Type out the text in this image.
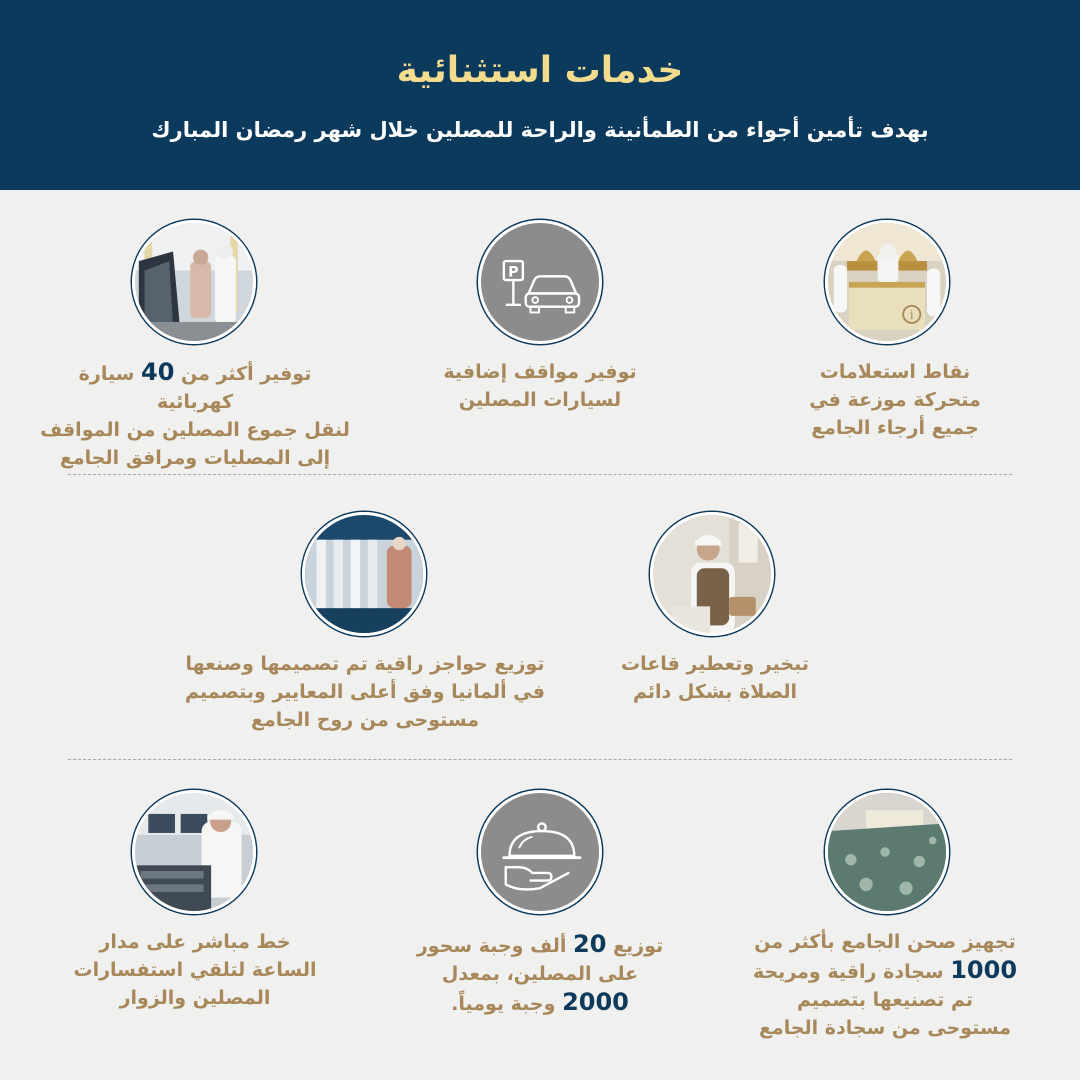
خدمات استثنائية
بهدف تأمين أجواء من الطمأنينة والراحة للمصلين خلال شهر رمضان المبارك
i
P
نقاط استعلامات
متحركة موزعة في
جميع أرجاء الجامع
توفير مواقف إضافية
لسيارات المصلين
توفير أكثر من 40 سيارة كهربائية
لنقل جموع المصلين من المواقف
إلى المصليات ومرافق الجامع
تبخير وتعطير قاعات
الصلاة بشكل دائم
توزيع حواجز راقية تم تصميمها وصنعها
في ألمانيا وفق أعلى المعايير وبتصميم
مستوحى من روح الجامع
تجهيز صحن الجامع بأكثر من
1000 سجادة راقية ومريحة
تم تصنيعها بتصميم
مستوحى من سجادة الجامع
توزيع 20 ألف وجبة سحور
على المصلين، بمعدل
2000 وجبة يومياً.
خط مباشر على مدار
الساعة لتلقي استفسارات
المصلين والزوار
